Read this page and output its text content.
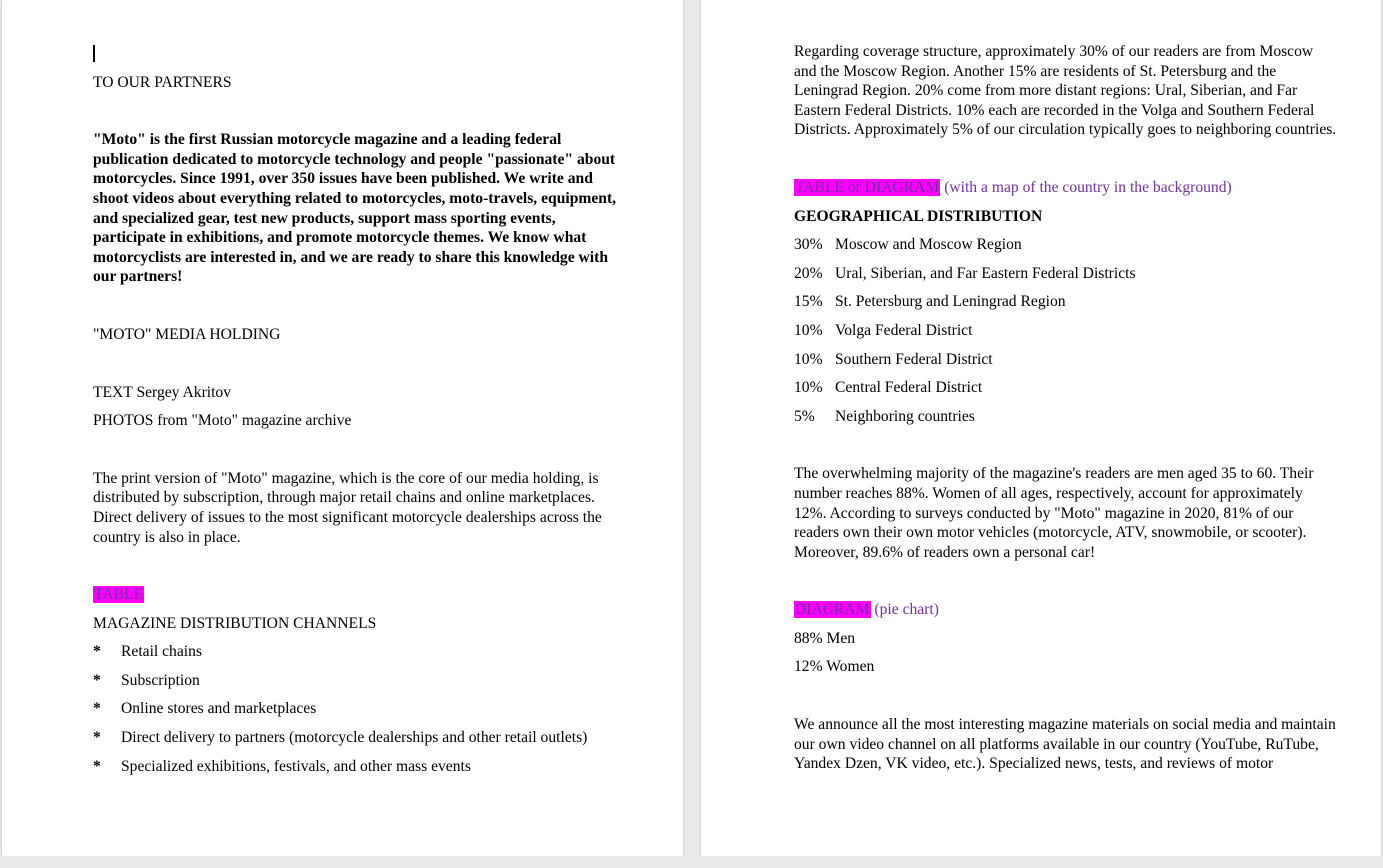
TO OUR PARTNERS

"Moto" is the first Russian motorcycle magazine and a leading federal publication dedicated to motorcycle technology and people "passionate" about motorcycles. Since 1991, over 350 issues have been published. We write and shoot videos about everything related to motorcycles, moto-travels, equipment, and specialized gear, test new products, support mass sporting events, participate in exhibitions, and promote motorcycle themes. We know what motorcyclists are interested in, and we are ready to share this knowledge with our partners!

"MOTO" MEDIA HOLDING

TEXT Sergey Akritov

PHOTOS from "Moto" magazine archive

The print version of "Moto" magazine, which is the core of our media holding, is distributed by subscription, through major retail chains and online marketplaces. Direct delivery of issues to the most significant motorcycle dealerships across the country is also in place.

TABLE

MAGAZINE DISTRIBUTION CHANNELS

*	Retail chains
*	Subscription
*	Online stores and marketplaces
*	Direct delivery to partners (motorcycle dealerships and other retail outlets)
*	Specialized exhibitions, festivals, and other mass events

Regarding coverage structure, approximately 30% of our readers are from Moscow and the Moscow Region. Another 15% are residents of St. Petersburg and the Leningrad Region. 20% come from more distant regions: Ural, Siberian, and Far Eastern Federal Districts. 10% each are recorded in the Volga and Southern Federal Districts. Approximately 5% of our circulation typically goes to neighboring countries.

TABLE or DIAGRAM (with a map of the country in the background)

GEOGRAPHICAL DISTRIBUTION

30% Moscow and Moscow Region
20% Ural, Siberian, and Far Eastern Federal Districts
15% St. Petersburg and Leningrad Region
10% Volga Federal District
10% Southern Federal District
10% Central Federal District
5%	Neighboring countries

The overwhelming majority of the magazine's readers are men aged 35 to 60. Their number reaches 88%. Women of all ages, respectively, account for approximately 12%. According to surveys conducted by "Moto" magazine in 2020, 81% of our readers own their own motor vehicles (motorcycle, ATV, snowmobile, or scooter). Moreover, 89.6% of readers own a personal car!

DIAGRAM (pie chart)

88% Men

12% Women

We announce all the most interesting magazine materials on social media and maintain our own video channel on all platforms available in our country (YouTube, RuTube, Yandex Dzen, VK video, etc.). Specialized news, tests, and reviews of motor
